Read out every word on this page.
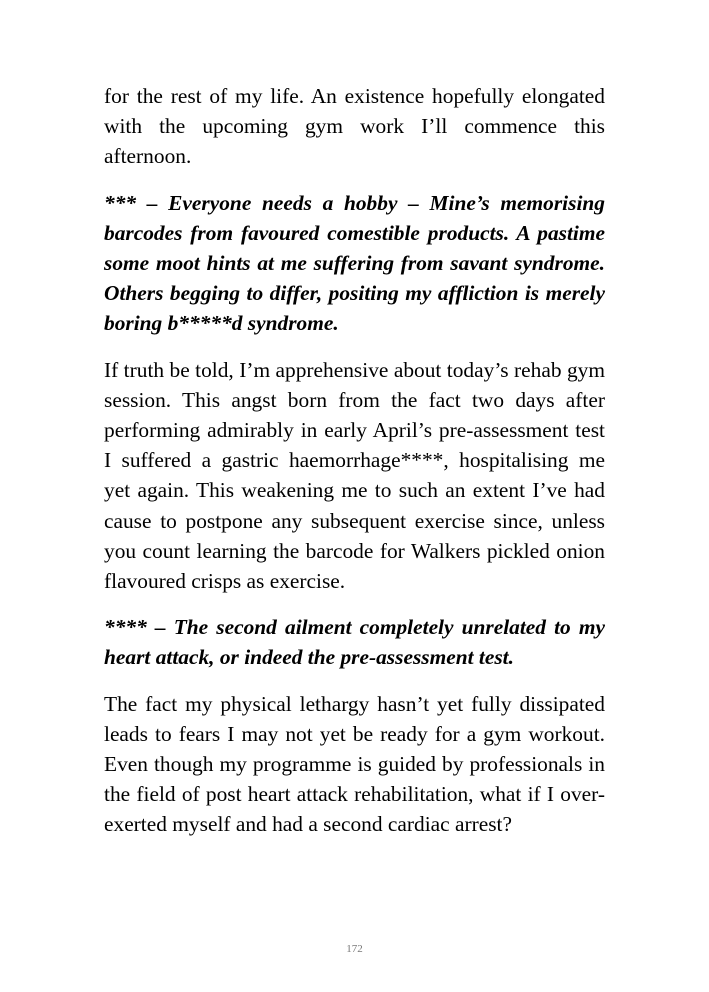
for the rest of my life. An existence hopefully elongated with the upcoming gym work I’ll commence this afternoon.

*** – Everyone needs a hobby – Mine’s memorising barcodes from favoured comestible products. A pastime some moot hints at me suffering from savant syndrome. Others begging to differ, positing my affliction is merely boring b*****d syndrome.

If truth be told, I’m apprehensive about today’s rehab gym session. This angst born from the fact two days after performing admirably in early April’s pre-assessment test I suffered a gastric haemorrhage****, hospitalising me yet again. This weakening me to such an extent I’ve had cause to postpone any subsequent exercise since, unless you count learning the barcode for Walkers pickled onion flavoured crisps as exercise.

**** – The second ailment completely unrelated to my heart attack, or indeed the pre-assessment test.

The fact my physical lethargy hasn’t yet fully dissipated leads to fears I may not yet be ready for a gym workout. Even though my programme is guided by professionals in the field of post heart attack rehabilitation, what if I over-exerted myself and had a second cardiac arrest?

172
